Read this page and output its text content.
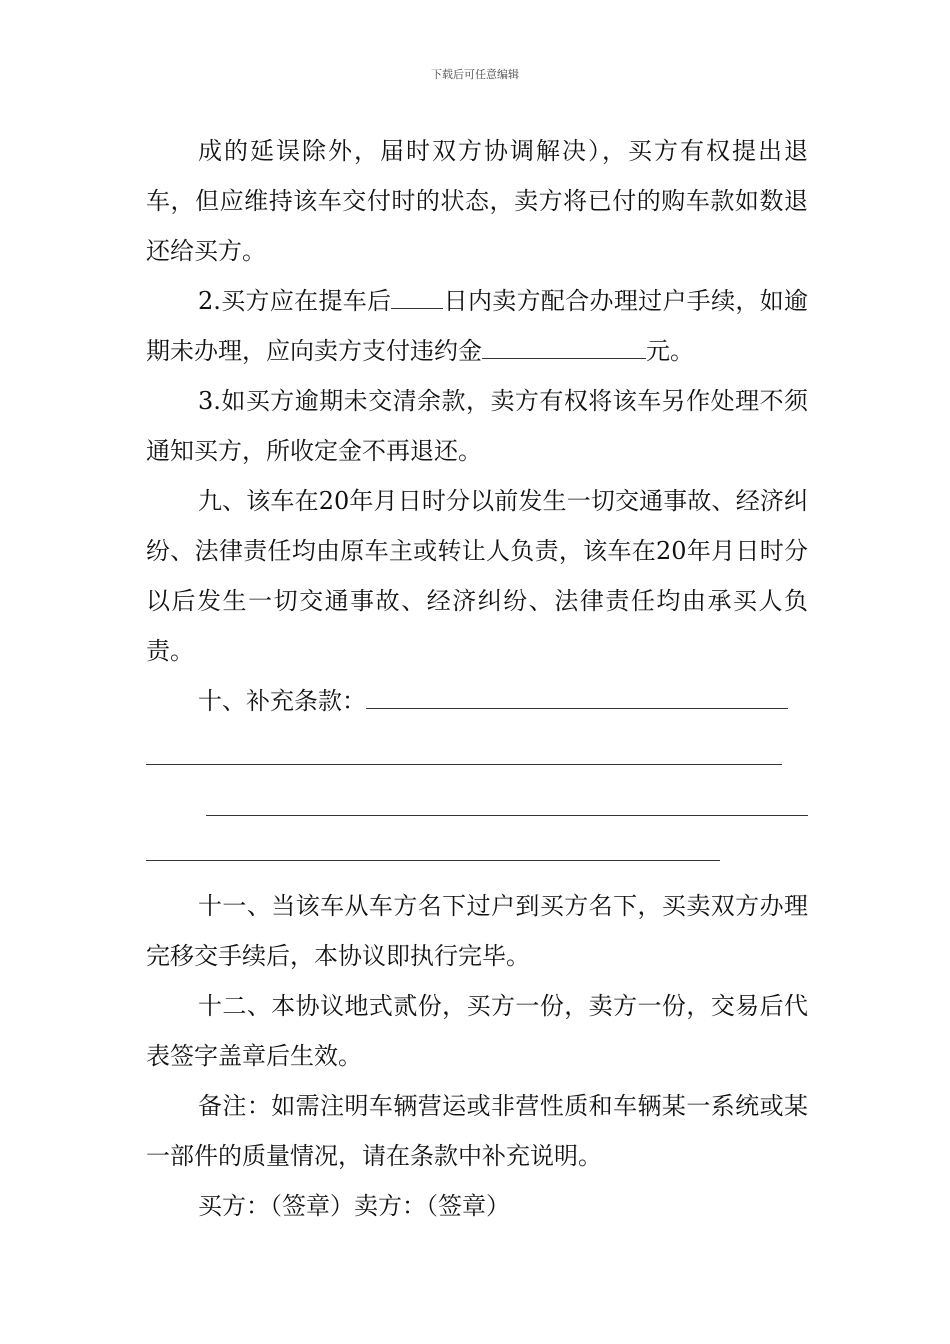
下载后可任意编辑

成的延误除外，届时双方协调解决），买方有权提出退车，但应维持该车交付时的状态，卖方将已付的购车款如数退还给买方。

2.买方应在提车后 日内卖方配合办理过户手续，如逾期未办理，应向卖方支付违约金	元。

3.如买方逾期未交清余款，卖方有权将该车另作处理不须通知买方，所收定金不再退还。

九、该车在20年月日时分以前发生一切交通事故、经济纠纷、法律责任均由原车主或转让人负责，该车在20年月日时分以后发生一切交通事故、经济纠纷、法律责任均由承买人负责。

十、补充条款：

十一、当该车从车方名下过户到买方名下，买卖双方办理完移交手续后，本协议即执行完毕。

十二、本协议地式贰份，买方一份，卖方一份，交易后代表签字盖章后生效。

备注：如需注明车辆营运或非营性质和车辆某一系统或某一部件的质量情况，请在条款中补充说明。

买方：（签章）卖方：（签章）
